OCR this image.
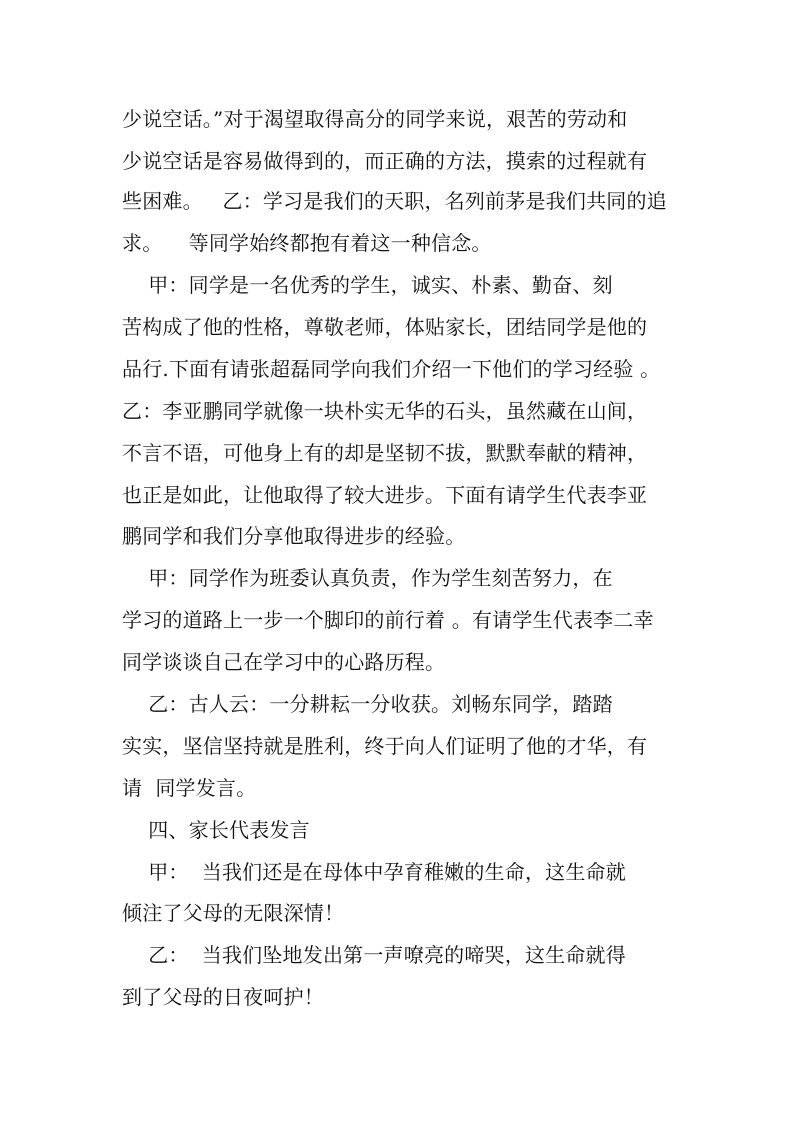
少说空话。”对于渴望取得高分的同学来说，艰苦的劳动和
少说空话是容易做得到的，而正确的方法，摸索的过程就有
些困难。   乙：学习是我们的天职，名列前茅是我们共同的追
求。    等同学始终都抱有着这一种信念。
甲：同学是一名优秀的学生，诚实、朴素、勤奋、刻
苦构成了他的性格，尊敬老师，体贴家长，团结同学是他的
品行.下面有请张超磊同学向我们介绍一下他们的学习经验 。
乙：李亚鹏同学就像一块朴实无华的石头，虽然藏在山间，
不言不语，可他身上有的却是坚韧不拔，默默奉献的精神，
也正是如此，让他取得了较大进步。下面有请学生代表李亚
鹏同学和我们分享他取得进步的经验。
甲：同学作为班委认真负责，作为学生刻苦努力，在
学习的道路上一步一个脚印的前行着 。有请学生代表李二幸
同学谈谈自己在学习中的心路历程。
乙：古人云：一分耕耘一分收获。刘畅东同学，踏踏
实实，坚信坚持就是胜利，终于向人们证明了他的才华，有
请  同学发言。
四、家长代表发言
甲：  当我们还是在母体中孕育稚嫩的生命，这生命就
倾注了父母的无限深情！
乙：  当我们坠地发出第一声嘹亮的啼哭，这生命就得
到了父母的日夜呵护！
